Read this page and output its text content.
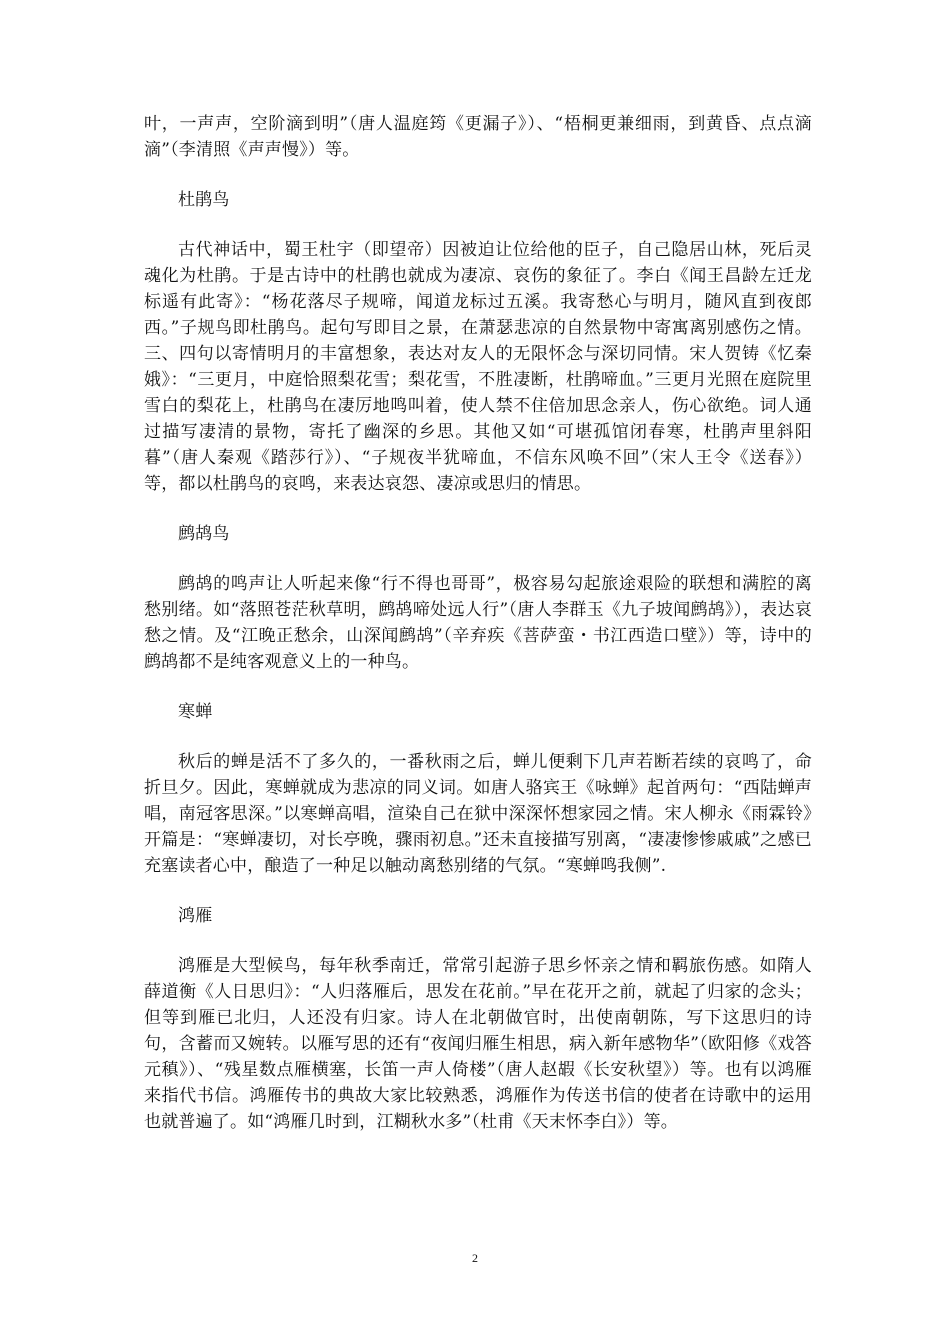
叶，一声声，空阶滴到明”（唐人温庭筠《更漏子》）、“梧桐更兼细雨，到黄昏、点点滴滴”（李清照《声声慢》）等。

杜鹃鸟

古代神话中，蜀王杜宇（即望帝）因被迫让位给他的臣子，自己隐居山林，死后灵魂化为杜鹃。于是古诗中的杜鹃也就成为凄凉、哀伤的象征了。李白《闻王昌龄左迁龙标遥有此寄》：“杨花落尽子规啼，闻道龙标过五溪。我寄愁心与明月，随风直到夜郎西。”子规鸟即杜鹃鸟。起句写即目之景，在萧瑟悲凉的自然景物中寄寓离别感伤之情。三、四句以寄情明月的丰富想象，表达对友人的无限怀念与深切同情。宋人贺铸《忆秦娥》：“三更月，中庭恰照梨花雪；梨花雪，不胜凄断，杜鹃啼血。”三更月光照在庭院里雪白的梨花上，杜鹃鸟在凄厉地鸣叫着，使人禁不住倍加思念亲人，伤心欲绝。词人通过描写凄清的景物，寄托了幽深的乡思。其他又如“可堪孤馆闭春寒，杜鹃声里斜阳暮”（唐人秦观《踏莎行》）、“子规夜半犹啼血，不信东风唤不回”（宋人王令《送春》）等，都以杜鹃鸟的哀鸣，来表达哀怨、凄凉或思归的情思。

鹧鸪鸟

鹧鸪的鸣声让人听起来像“行不得也哥哥”，极容易勾起旅途艰险的联想和满腔的离愁别绪。如“落照苍茫秋草明，鹧鸪啼处远人行”（唐人李群玉《九子坡闻鹧鸪》），表达哀愁之情。及“江晚正愁余，山深闻鹧鸪”（辛弃疾《菩萨蛮・书江西造口壁》）等，诗中的鹧鸪都不是纯客观意义上的一种鸟。

寒蝉

秋后的蝉是活不了多久的，一番秋雨之后，蝉儿便剩下几声若断若续的哀鸣了，命折旦夕。因此，寒蝉就成为悲凉的同义词。如唐人骆宾王《咏蝉》起首两句：“西陆蝉声唱，南冠客思深。”以寒蝉高唱，渲染自己在狱中深深怀想家园之情。宋人柳永《雨霖铃》开篇是：“寒蝉凄切，对长亭晚，骤雨初息。”还未直接描写别离，“凄凄惨惨戚戚”之感已充塞读者心中，酿造了一种足以触动离愁别绪的气氛。“寒蝉鸣我侧”.

鸿雁

鸿雁是大型候鸟，每年秋季南迁，常常引起游子思乡怀亲之情和羁旅伤感。如隋人薛道衡《人日思归》：“人归落雁后，思发在花前。”早在花开之前，就起了归家的念头；但等到雁已北归，人还没有归家。诗人在北朝做官时，出使南朝陈，写下这思归的诗句，含蓄而又婉转。以雁写思的还有“夜闻归雁生相思，病入新年感物华”（欧阳修《戏答元稹》）、“残星数点雁横塞，长笛一声人倚楼”（唐人赵嘏《长安秋望》）等。也有以鸿雁来指代书信。鸿雁传书的典故大家比较熟悉，鸿雁作为传送书信的使者在诗歌中的运用也就普遍了。如“鸿雁几时到，江糊秋水多”（杜甫《天末怀李白》）等。

2
